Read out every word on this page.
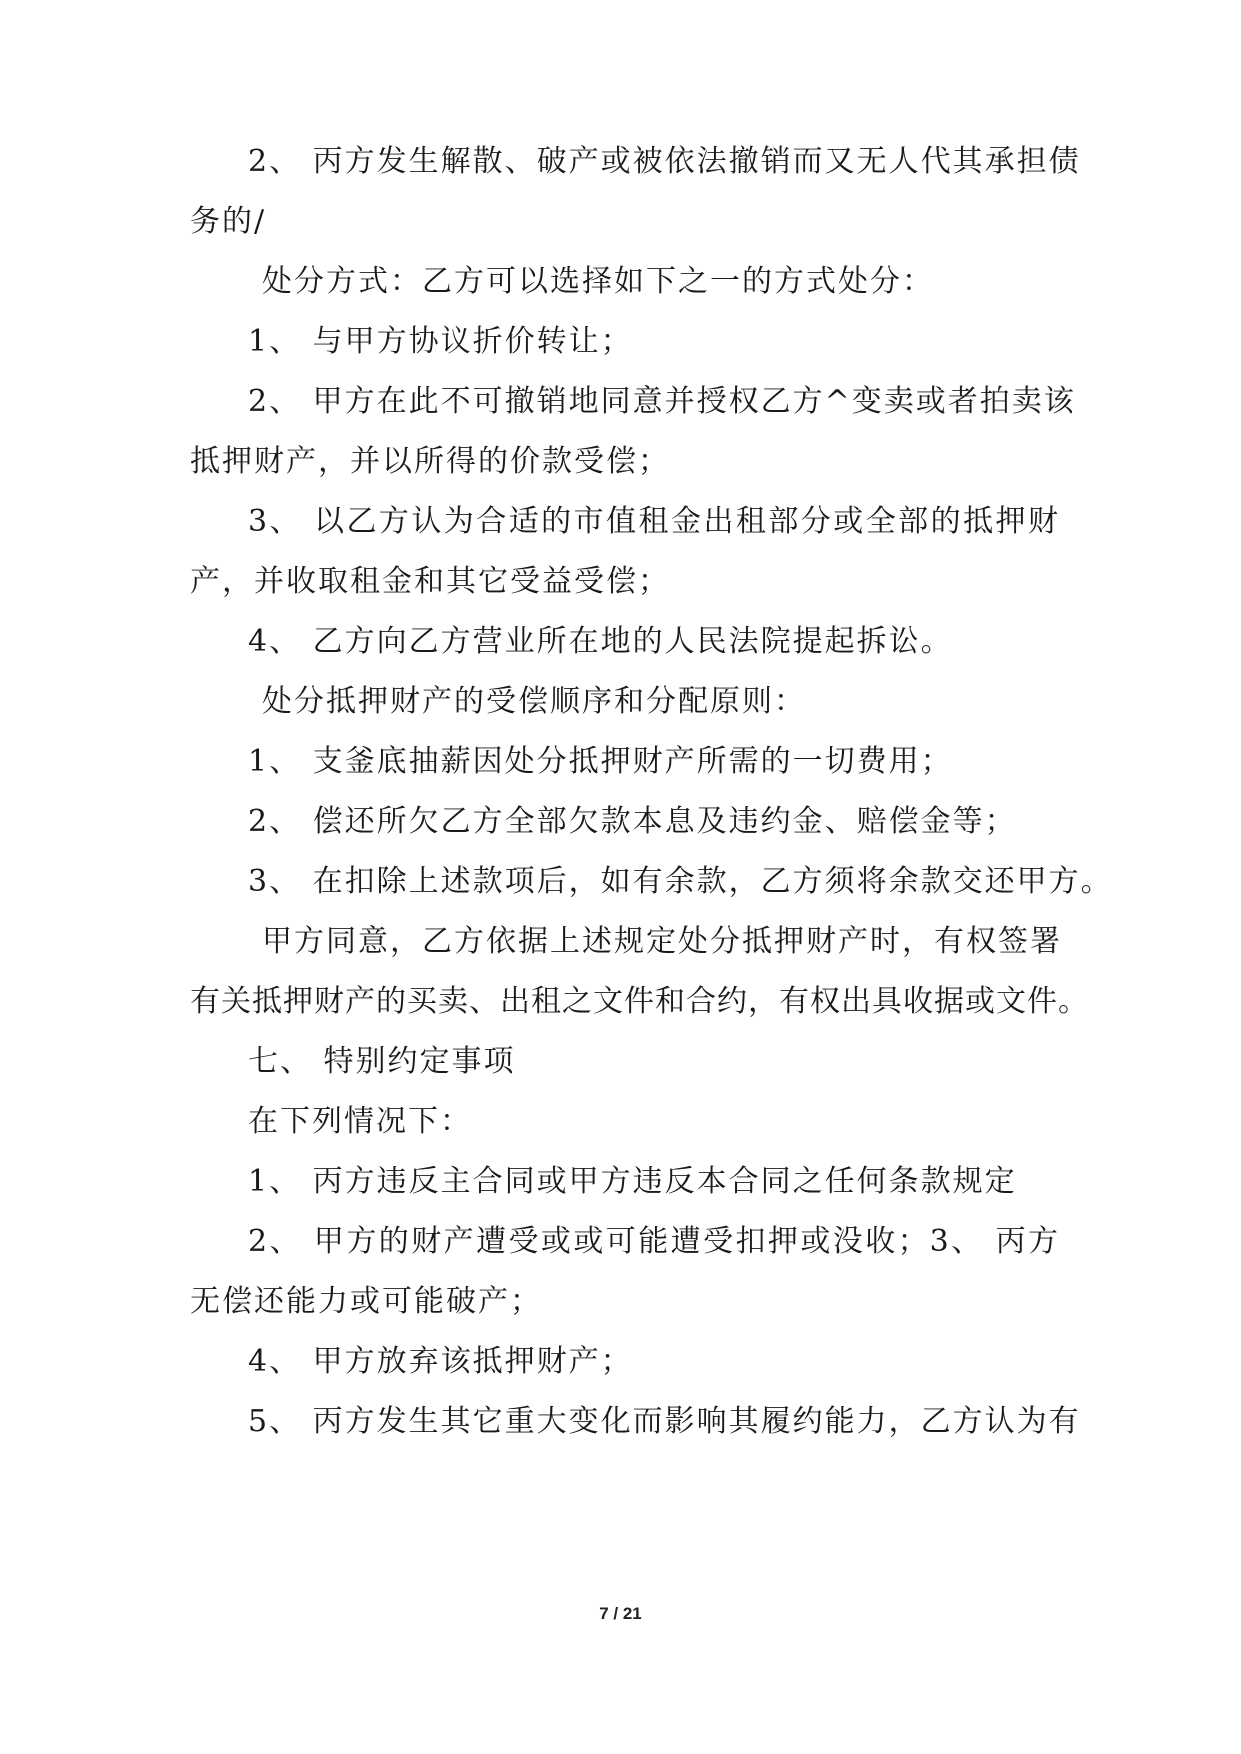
2、 丙方发生解散、破产或被依法撤销而又无人代其承担债
务的/
处分方式：乙方可以选择如下之一的方式处分：
1、 与甲方协议折价转让；
2、 甲方在此不可撤销地同意并授权乙方^变卖或者拍卖该
抵押财产，并以所得的价款受偿；
3、 以乙方认为合适的市值租金出租部分或全部的抵押财
产，并收取租金和其它受益受偿；
4、 乙方向乙方营业所在地的人民法院提起拆讼。
处分抵押财产的受偿顺序和分配原则：
1、 支釜底抽薪因处分抵押财产所需的一切费用；
2、 偿还所欠乙方全部欠款本息及违约金、赔偿金等；
3、 在扣除上述款项后，如有余款，乙方须将余款交还甲方。
甲方同意，乙方依据上述规定处分抵押财产时，有权签署
有关抵押财产的买卖、出租之文件和合约，有权出具收据或文件。
七、 特别约定事项
在下列情况下：
1、 丙方违反主合同或甲方违反本合同之任何条款规定
2、 甲方的财产遭受或或可能遭受扣押或没收；3、 丙方
无偿还能力或可能破产；
4、 甲方放弃该抵押财产；
5、 丙方发生其它重大变化而影响其履约能力，乙方认为有
7 / 21
